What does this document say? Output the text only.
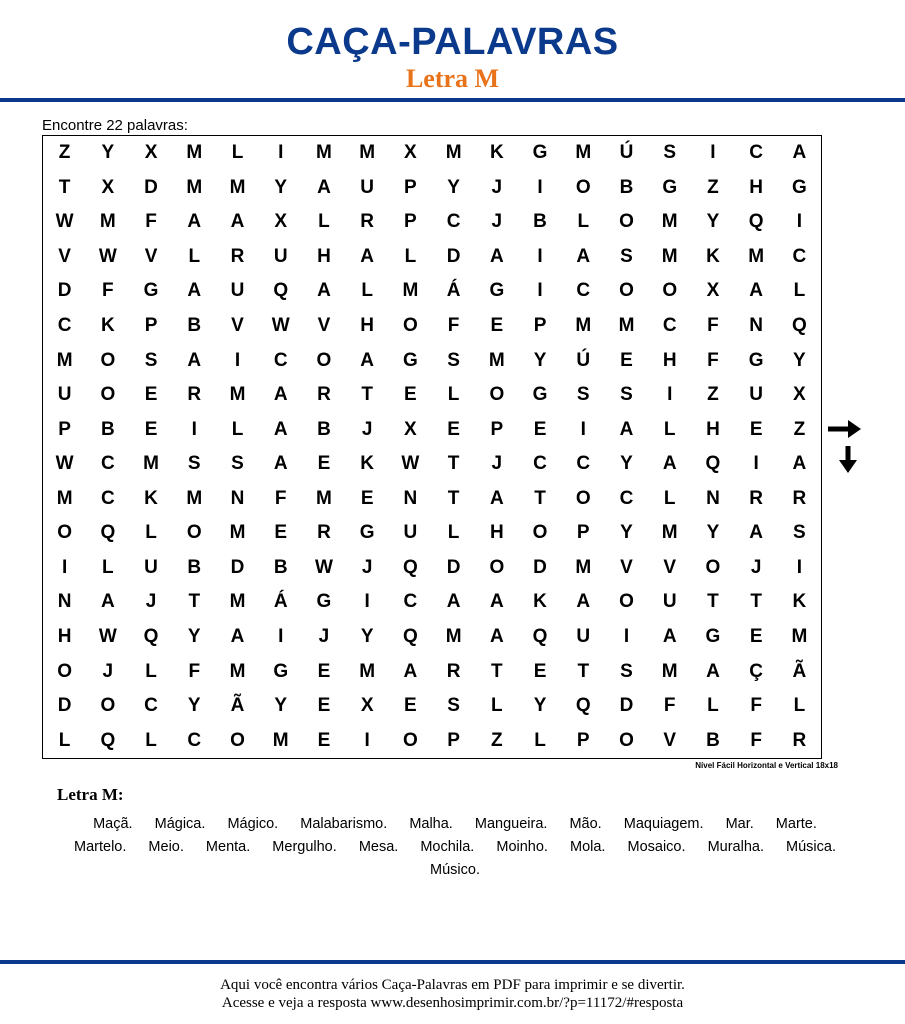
CAÇA-PALAVRAS
Letra M
Encontre 22 palavras:
Z	Y	X	M	L	I	M	M	X	M	K	G	M	Ú	S	I	C	A
T	X	D	M	M	Y	A	U	P	Y	J	I	O	B	G	Z	H	G
W	M	F	A	A	X	L	R	P	C	J	B	L	O	M	Y	Q	I
V	W	V	L	R	U	H	A	L	D	A	I	A	S	M	K	M	C
D	F	G	A	U	Q	A	L	M	Á	G	I	C	O	O	X	A	L
C	K	P	B	V	W	V	H	O	F	E	P	M	M	C	F	N	Q
M	O	S	A	I	C	O	A	G	S	M	Y	Ú	E	H	F	G	Y
U	O	E	R	M	A	R	T	E	L	O	G	S	S	I	Z	U	X
P	B	E	I	L	A	B	J	X	E	P	E	I	A	L	H	E	Z
W	C	M	S	S	A	E	K	W	T	J	C	C	Y	A	Q	I	A
M	C	K	M	N	F	M	E	N	T	A	T	O	C	L	N	R	R
O	Q	L	O	M	E	R	G	U	L	H	O	P	Y	M	Y	A	S
I	L	U	B	D	B	W	J	Q	D	O	D	M	V	V	O	J	I
N	A	J	T	M	Á	G	I	C	A	A	K	A	O	U	T	T	K
H	W	Q	Y	A	I	J	Y	Q	M	A	Q	U	I	A	G	E	M
O	J	L	F	M	G	E	M	A	R	T	E	T	S	M	A	Ç	Ã
D	O	C	Y	Ã	Y	E	X	E	S	L	Y	Q	D	F	L	F	L
L	Q	L	C	O	M	E	I	O	P	Z	L	P	O	V	B	F	R
Nível Fácil Horizontal e Vertical 18x18
Letra M:
Maçã. Mágica. Mágico. Malabarismo. Malha. Mangueira. Mão. Maquiagem. Mar. Marte. Martelo. Meio. Menta. Mergulho. Mesa. Mochila. Moinho. Mola. Mosaico. Muralha. Música. Músico.
Aqui você encontra vários Caça-Palavras em PDF para imprimir e se divertir.
Acesse e veja a resposta www.desenhosimprimir.com.br/?p=11172/#resposta
